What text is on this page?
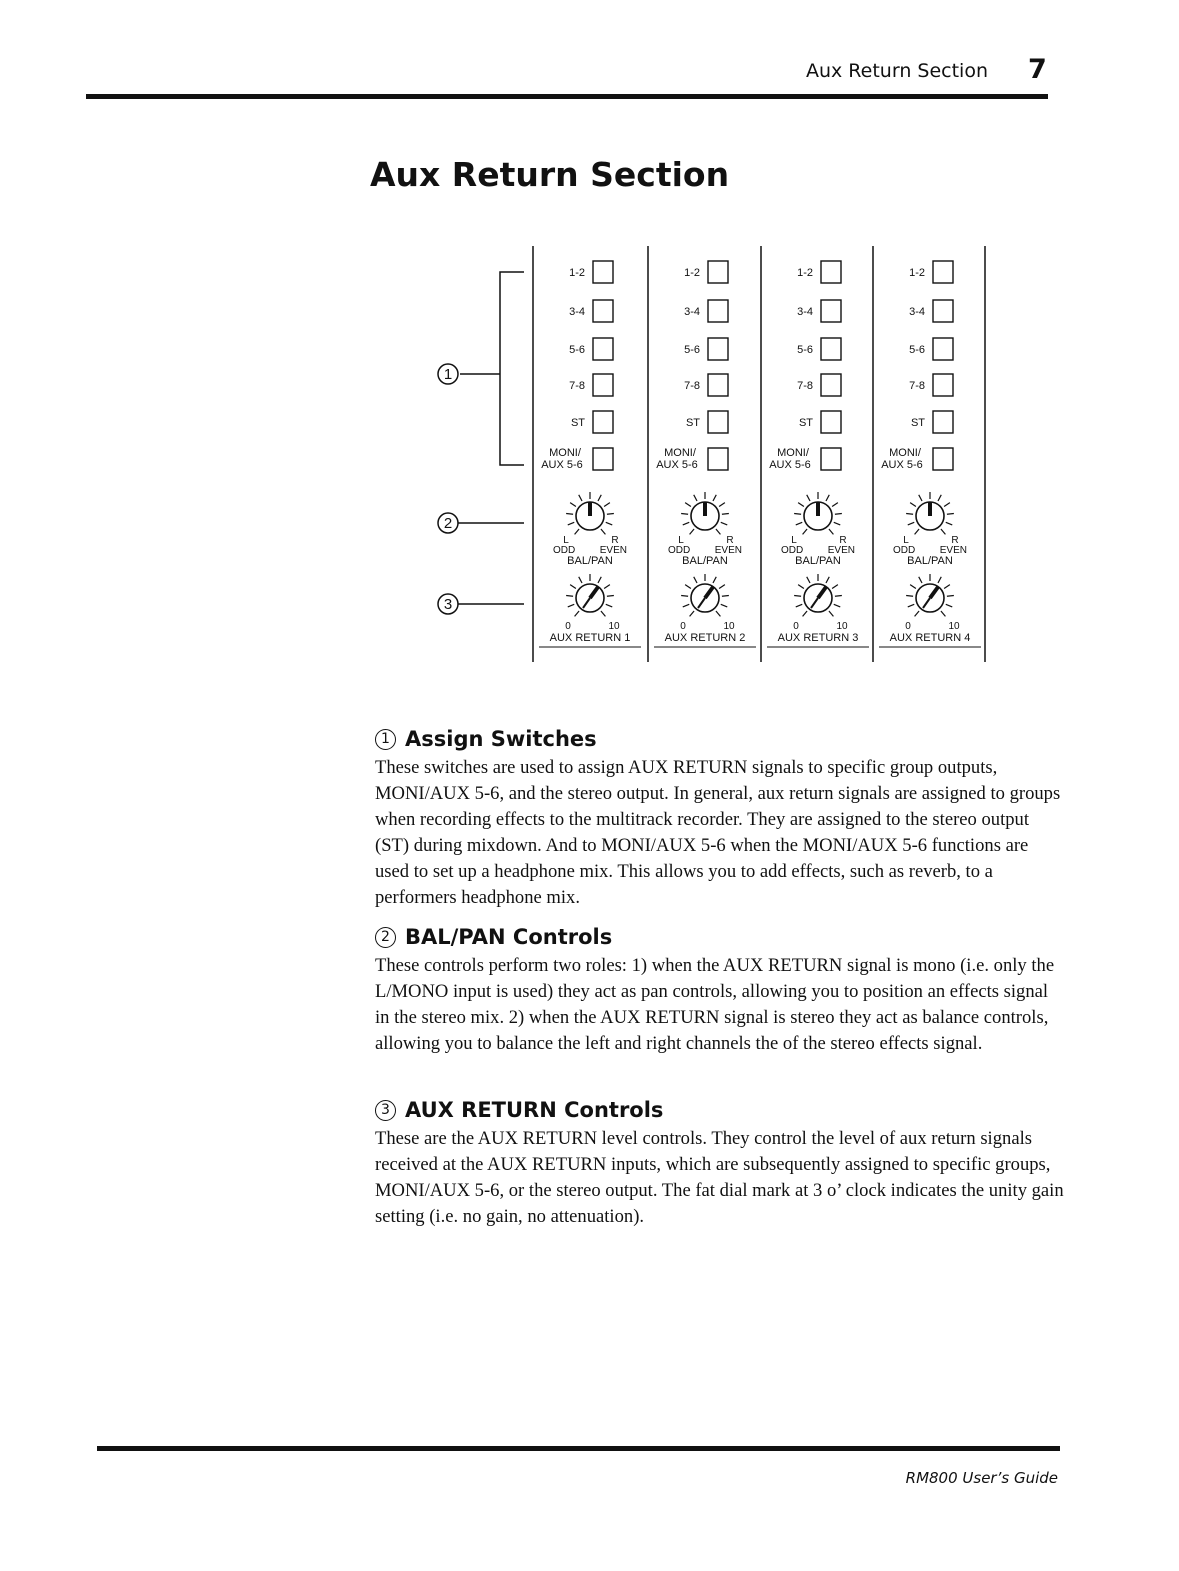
Aux Return Section 7
Aux Return Section
1
2
3
1-2
3-4
5-6
7-8
ST
MONI/
AUX 5-6
L	R
ODD EVEN
BAL/PAN
0	10
AUX RETURN 1
1-2
3-4
5-6
7-8
ST
MONI/
AUX 5-6
L	R
ODD EVEN
BAL/PAN
0	10
AUX RETURN 2
1-2
3-4
5-6
7-8
ST
MONI/
AUX 5-6
L	R
ODD EVEN
BAL/PAN
0	10
AUX RETURN 3
1-2
3-4
5-6
7-8
ST
MONI/
AUX 5-6
L	R
ODD EVEN
BAL/PAN
0	10
AUX RETURN 4
1 Assign Switches

These switches are used to assign AUX RETURN signals to specific group outputs, MONI/AUX 5-6, and the stereo output. In general, aux return signals are assigned to groups when recording effects to the multitrack recorder. They are assigned to the stereo output (ST) during mixdown. And to MONI/AUX 5-6 when the MONI/AUX 5-6 functions are used to set up a headphone mix. This allows you to add effects, such as reverb, to a performers headphone mix.

2 BAL/PAN Controls

These controls perform two roles: 1) when the AUX RETURN signal is mono (i.e. only the L/MONO input is used) they act as pan controls, allowing you to position an effects signal in the stereo mix. 2) when the AUX RETURN signal is stereo they act as balance controls, allowing you to balance the left and right channels the of the stereo effects signal.

3 AUX RETURN Controls

These are the AUX RETURN level controls. They control the level of aux return signals received at the AUX RETURN inputs, which are subsequently assigned to specific groups, MONI/AUX 5-6, or the stereo output. The fat dial mark at 3 o’ clock indicates the unity gain setting (i.e. no gain, no attenuation).

RM800 User’s Guide
